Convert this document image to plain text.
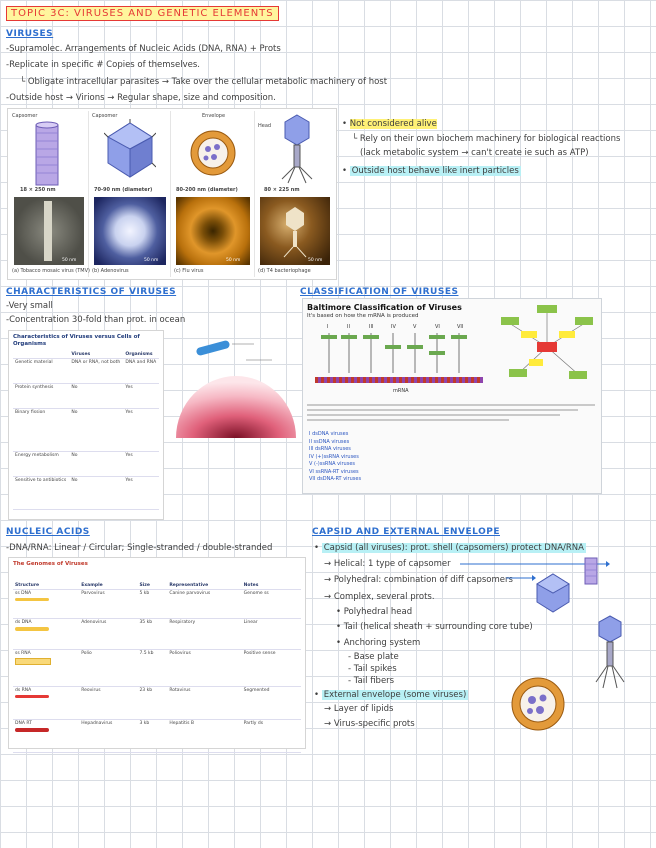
TOPIC 3C: VIRUSES AND GENETIC ELEMENTS
VIRUSES
-Supramolec. Arrangements of Nucleic Acids (DNA, RNA) + Prots
-Replicate in specific # Copies of themselves.
└ Obligate intracellular parasites → Take over the cellular metabolic machinery of host
-Outside host → Virions → Regular shape, size and composition.
Capsomer
18 × 250 nm
50 nm
(a) Tobacco mosaic virus (TMV)
Capsomer
70-90 nm (diameter)
50 nm
(b) Adenovirus
Envelope
80-200 nm (diameter)
50 nm
(c) Flu virus
Head
80 × 225 nm
50 nm
(d) T4 bacteriophage
• Not considered alive
└ Rely on their own biochem machinery for biological reactions
(lack metabolic system → can't create ie such as ATP)
• Outside host behave like inert particles
CHARACTERISTICS OF VIRUSES
-Very small
-Concentration 30-fold than prot. in ocean
Characteristics of Viruses versus Cells of Organisms
	Viruses	Organisms
Genetic material	DNA or RNA, not both	DNA and RNA
Protein synthesis	No	Yes
Binary fission	No	Yes
Energy metabolism	No	Yes
Sensitive to antibiotics	No	Yes
CLASSIFICATION OF VIRUSES
Baltimore Classification of Viruses
It's based on how the mRNA is produced
I	II	III	IV	V	VI	VII
mRNA
I dsDNA viruses
II ssDNA viruses
III dsRNA viruses
IV (+)ssRNA viruses
V (-)ssRNA viruses
VI ssRNA-RT viruses
VII dsDNA-RT viruses
NUCLEIC ACIDS
-DNA/RNA: Linear / Circular; Single-stranded / double-stranded
The Genomes of Viruses
Structure	Example	Size	Representative	Notes
ss DNA	Parvovirus	5 kb	Canine parvovirus	Genome ss
ds DNA	Adenovirus	35 kb	Respiratory	Linear
ss RNA	Polio	7.5 kb	Poliovirus	Positive sense
ds RNA	Reovirus	23 kb	Rotavirus	Segmented
DNA RT	Hepadnavirus	3 kb	Hepatitis B	Partly ds
CAPSID AND EXTERNAL ENVELOPE
• Capsid (all viruses): prot. shell (capsomers) protect DNA/RNA
→ Helical: 1 type of capsomer
→ Polyhedral: combination of diff capsomers
→ Complex, several prots.
• Polyhedral head
• Tail (helical sheath + surrounding core tube)
• Anchoring system
- Base plate
- Tail spikes
- Tail fibers
• External envelope (some viruses)
→ Layer of lipids
→ Virus-specific prots
